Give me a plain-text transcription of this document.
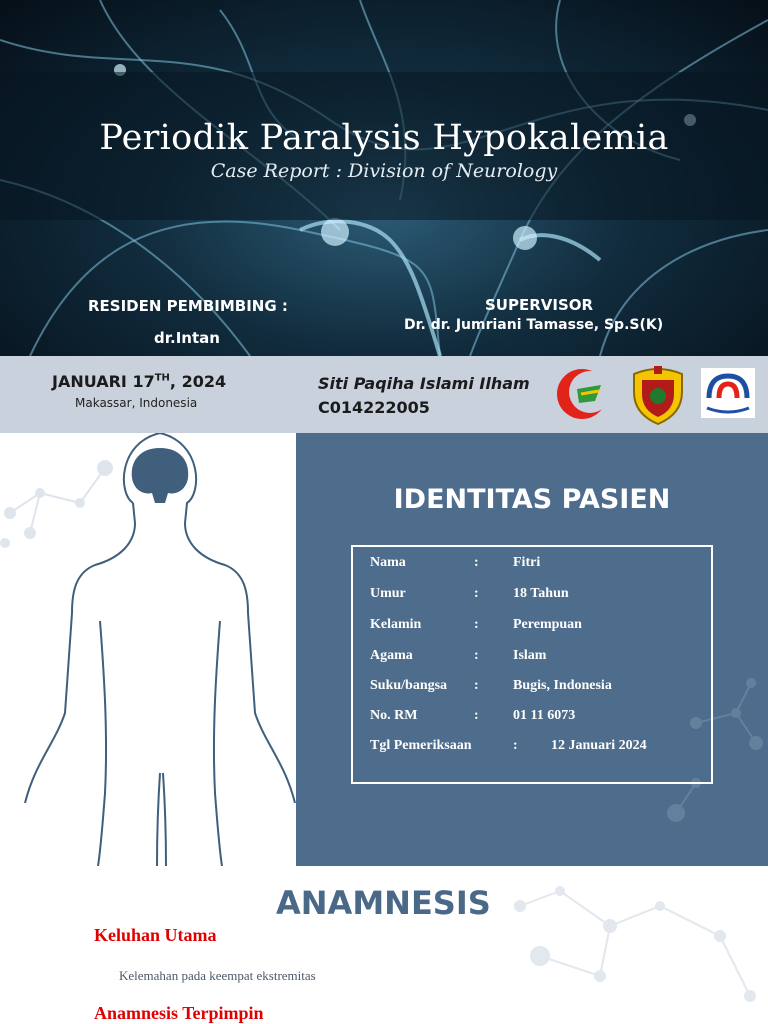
Periodik Paralysis Hypokalemia
Case Report : Division of Neurology
RESIDEN PEMBIMBING :
dr.Intan
SUPERVISOR
Dr. dr. Jumriani Tamasse, Sp.S(K)
JANUARI 17TH, 2024
Makassar, Indonesia
Siti Paqiha Islami Ilham
C014222005
IDENTITAS PASIEN
Nama	: Fitri
Umur	: 18 Tahun
Kelamin	: Perempuan
Agama	: Islam
Suku/bangsa : Bugis, Indonesia
No. RM	: 01 11 6073
Tgl Pemeriksaan	: 12 Januari 2024
ANAMNESIS
Keluhan Utama
Kelemahan pada keempat ekstremitas
Anamnesis Terpimpin
